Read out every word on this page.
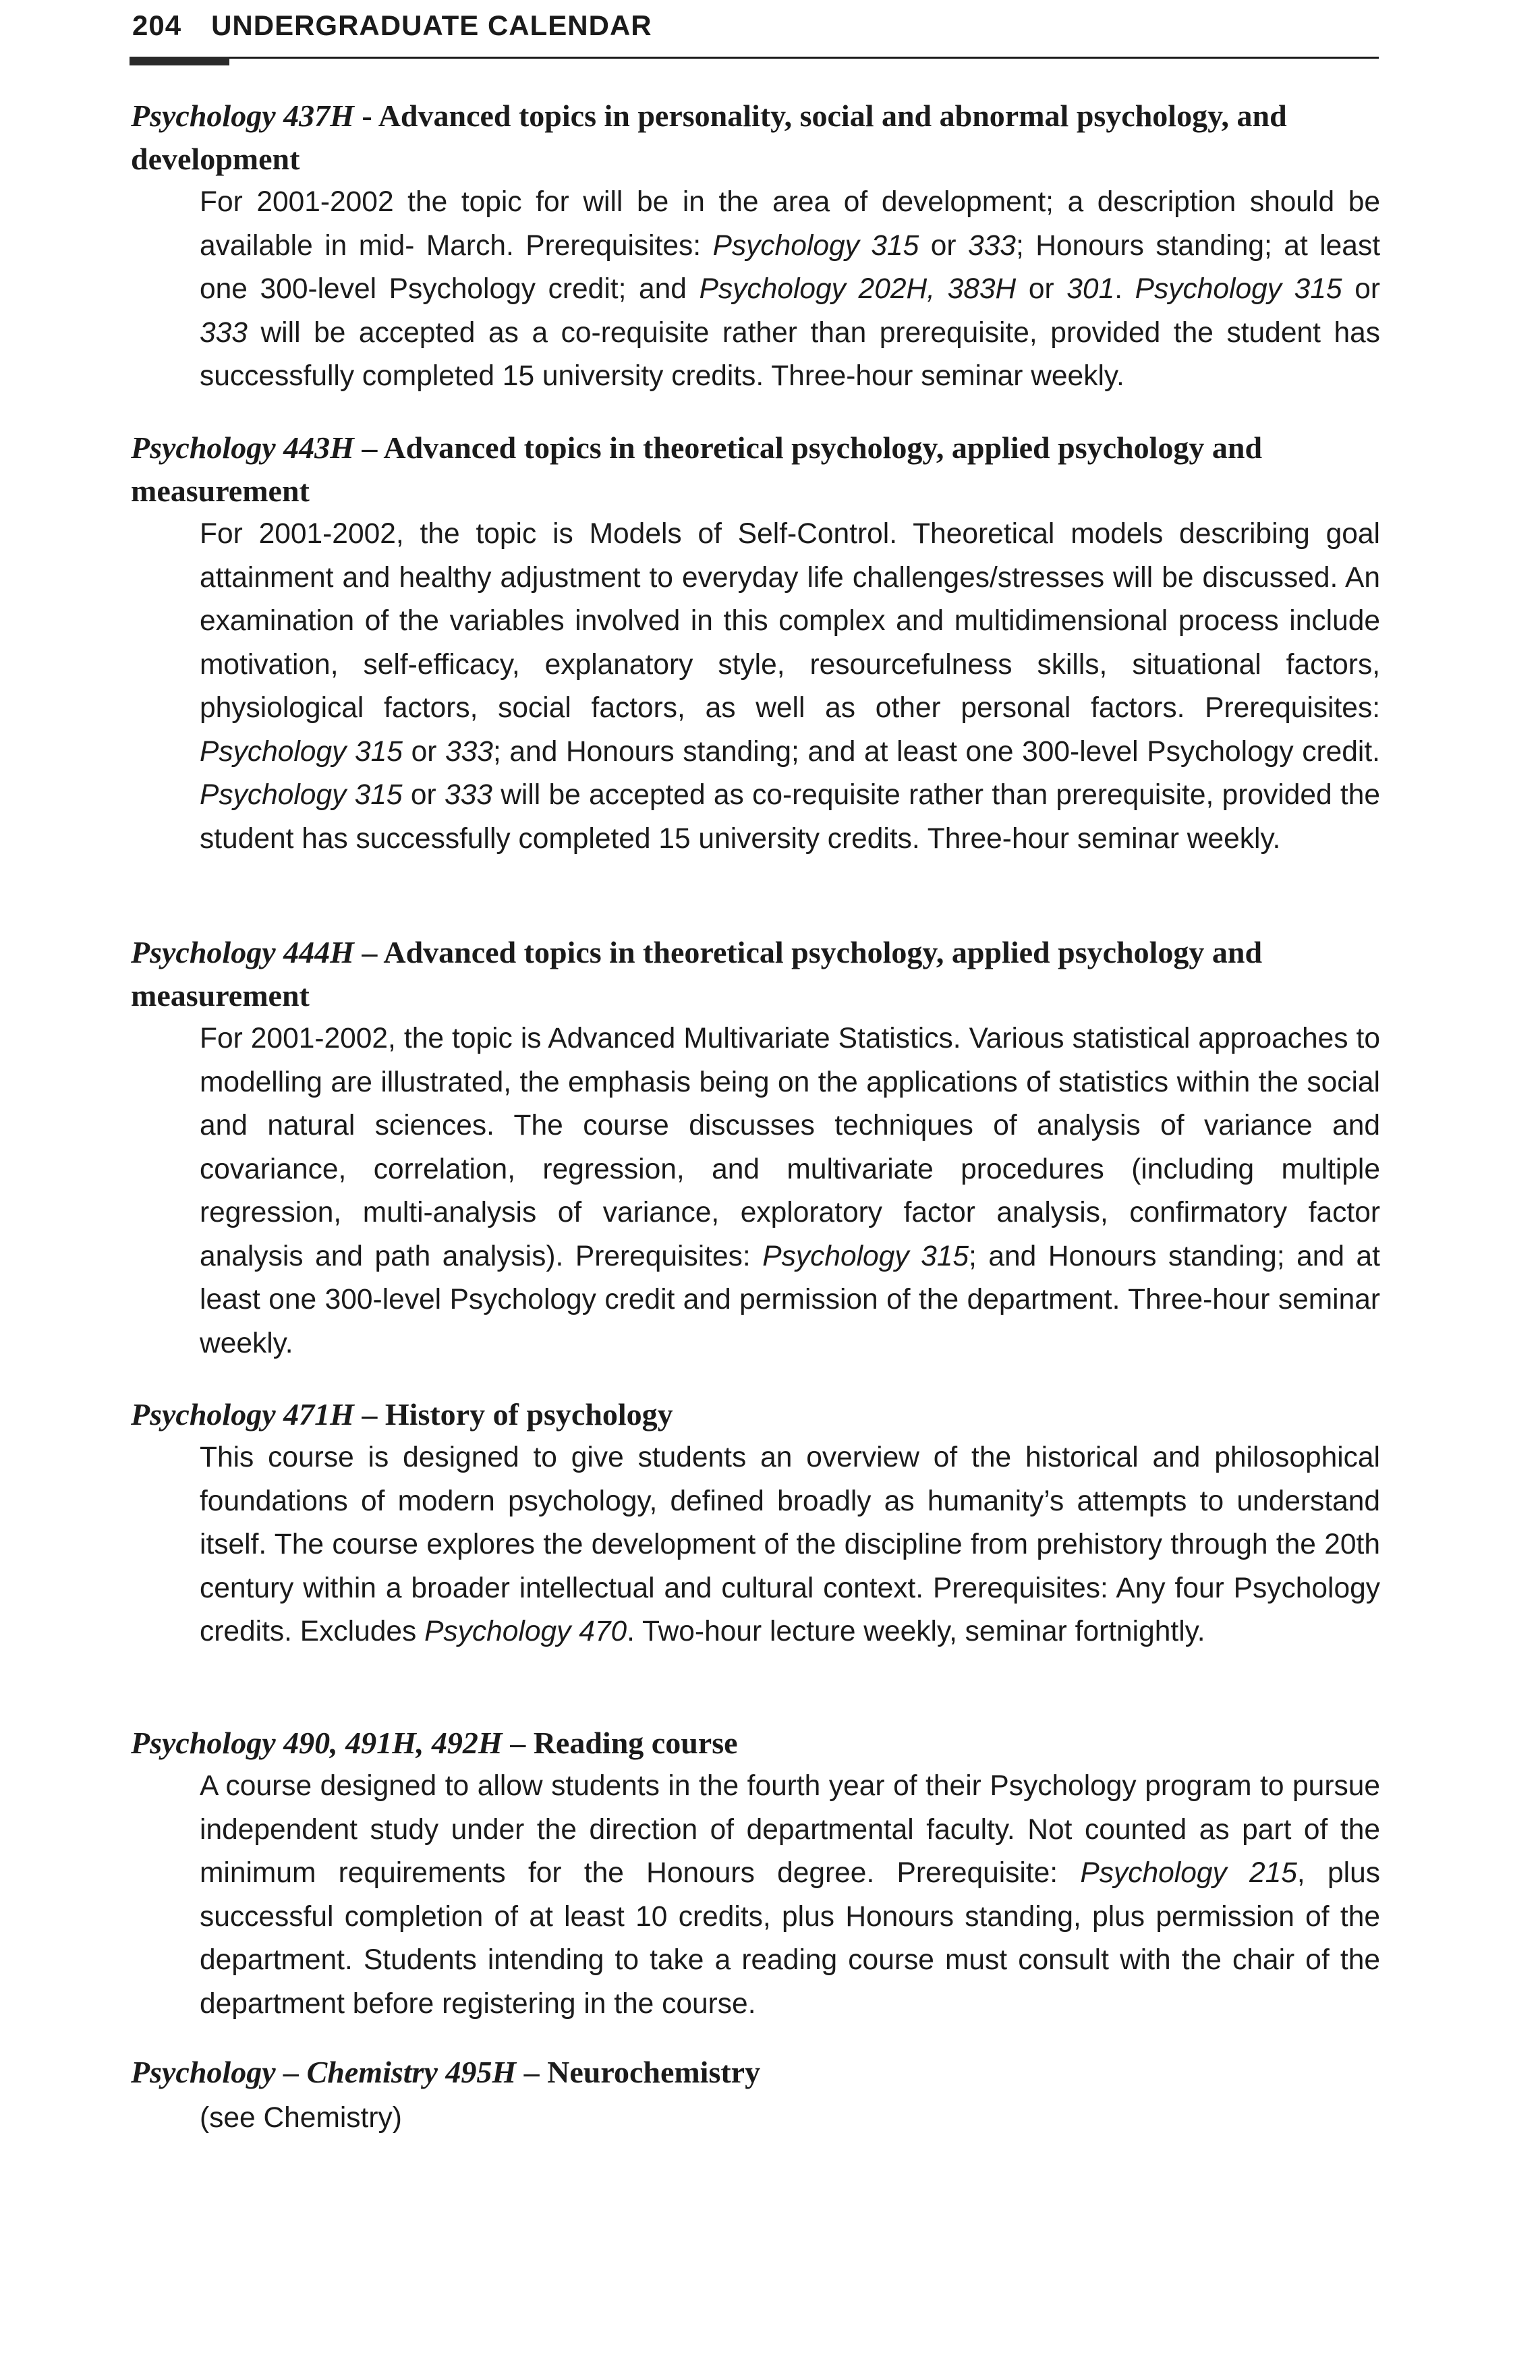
204 UNDERGRADUATE CALENDAR
Psychology 437H - Advanced topics in personality, social and abnormal psychology, and development

For 2001-2002 the topic for will be in the area of development; a description should be available in mid- March. Prerequisites: Psychology 315 or 333; Honours standing; at least one 300-level Psychology credit; and Psychology 202H, 383H or 301. Psychology 315 or 333 will be accepted as a co-requisite rather than prerequisite, provided the student has successfully completed 15 university credits. Three-hour seminar weekly.

Psychology 443H – Advanced topics in theoretical psychology, applied psychology and measurement

For 2001-2002, the topic is Models of Self-Control. Theoretical models describing goal attainment and healthy adjustment to everyday life challenges/stresses will be discussed. An examination of the variables involved in this complex and multidimensional process include motivation, self-efficacy, explanatory style, resourcefulness skills, situational factors, physiological factors, social factors, as well as other personal factors. Prerequisites: Psychology 315 or 333; and Honours standing; and at least one 300-level Psychology credit. Psychology 315 or 333 will be accepted as co-requisite rather than prerequisite, provided the student has successfully completed 15 university credits. Three-hour seminar weekly.

Psychology 444H – Advanced topics in theoretical psychology, applied psychology and measurement

For 2001-2002, the topic is Advanced Multivariate Statistics. Various statistical approaches to modelling are illustrated, the emphasis being on the applications of statistics within the social and natural sciences. The course discusses techniques of analysis of variance and covariance, correlation, regression, and multivariate procedures (including multiple regression, multi-analysis of variance, exploratory factor analysis, confirmatory factor analysis and path analysis). Prerequisites: Psychology 315; and Honours standing; and at least one 300-level Psychology credit and permission of the department. Three-hour seminar weekly.

Psychology 471H – History of psychology

This course is designed to give students an overview of the historical and philosophical foundations of modern psychology, defined broadly as humanity’s attempts to understand itself. The course explores the development of the discipline from prehistory through the 20th century within a broader intellectual and cultural context. Prerequisites: Any four Psychology credits. Excludes Psychology 470. Two-hour lecture weekly, seminar fortnightly.

Psychology 490, 491H, 492H – Reading course

A course designed to allow students in the fourth year of their Psychology program to pursue independent study under the direction of departmental faculty. Not counted as part of the minimum requirements for the Honours degree. Prerequisite: Psychology 215, plus successful completion of at least 10 credits, plus Honours standing, plus permission of the department. Students intending to take a reading course must consult with the chair of the department before registering in the course.

Psychology – Chemistry 495H – Neurochemistry

(see Chemistry)
